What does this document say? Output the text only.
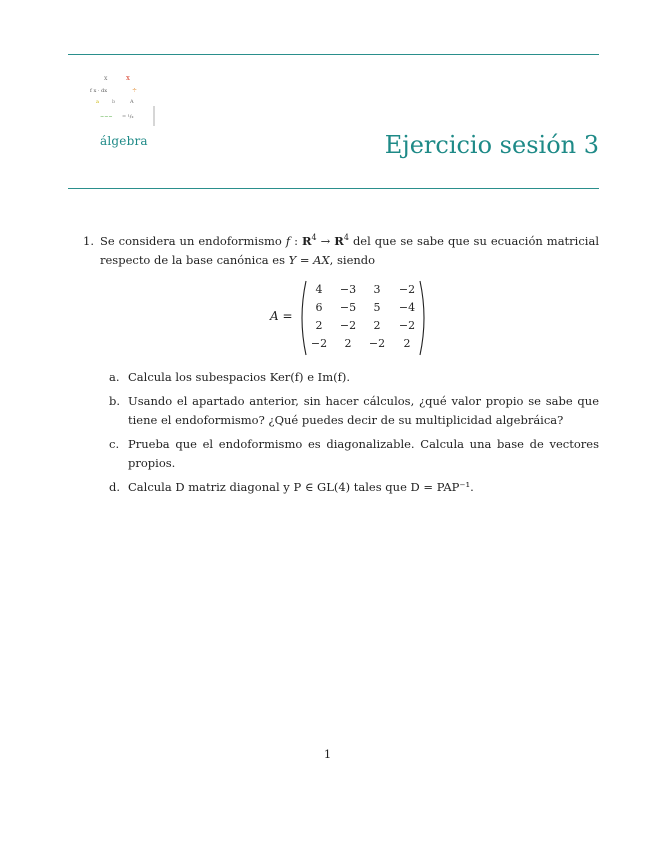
x	x
f x · dx	÷
a	b	A
~~~ = ¹/₂
álgebra	Ejercicio sesión 3
1. Se considera un endoformismo f : $R^4 \to R^4$ del que se sabe que su ecuación matricial respecto de la base canónica es Y = AX, siendo
A =
4	−3	3	−2
6	−5	5	−4
2	−2	2	−2
−2	2	−2	2
a. Calcula los subespacios Ker(f) e Im(f).
b. Usando el apartado anterior, sin hacer cálculos, ¿qué valor propio se sabe que tiene el endoformismo? ¿Qué puedes decir de su multiplicidad algebráica?
c. Prueba que el endoformismo es diagonalizable. Calcula una base de vectores propios.
d. Calcula D matriz diagonal y P ∈ GL(4) tales que D = PAP⁻¹.
1
